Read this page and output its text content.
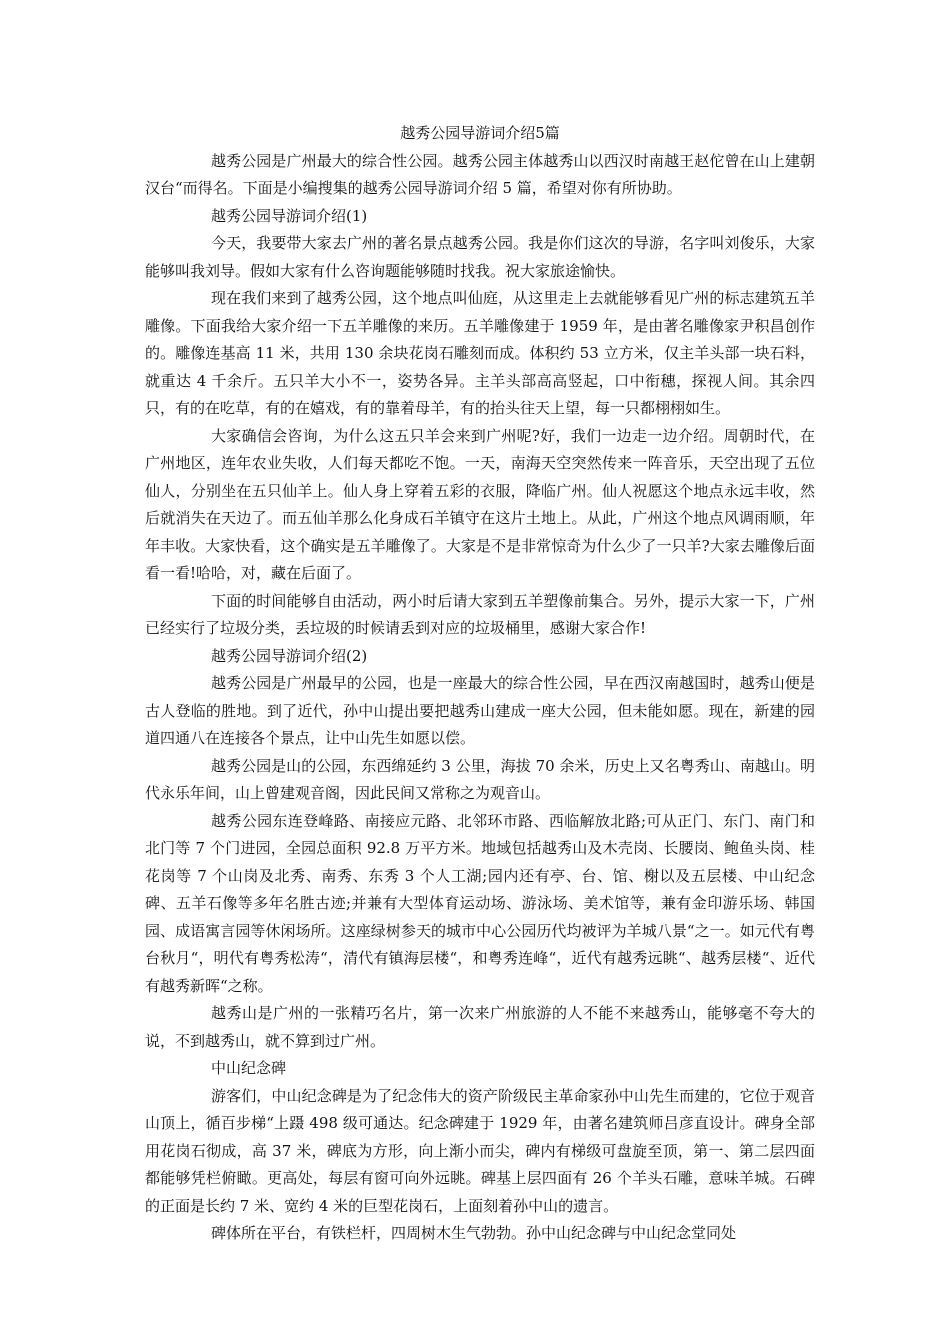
越秀公园导游词介绍5篇

越秀公园是广州最大的综合性公园。越秀公园主体越秀山以西汉时南越王赵佗曾在山上建朝汉台“而得名。下面是小编搜集的越秀公园导游词介绍 5 篇，希望对你有所协助。

越秀公园导游词介绍(1)

今天，我要带大家去广州的著名景点越秀公园。我是你们这次的导游，名字叫刘俊乐，大家能够叫我刘导。假如大家有什么咨询题能够随时找我。祝大家旅途愉快。

现在我们来到了越秀公园，这个地点叫仙庭，从这里走上去就能够看见广州的标志建筑五羊雕像。下面我给大家介绍一下五羊雕像的来历。五羊雕像建于 1959 年，是由著名雕像家尹积昌创作的。雕像连基高 11 米，共用 130 余块花岗石雕刻而成。体积约 53 立方米，仅主羊头部一块石料，就重达 4 千余斤。五只羊大小不一，姿势各异。主羊头部高高竖起，口中衔穗，探视人间。其余四只，有的在吃草，有的在嬉戏，有的靠着母羊，有的抬头往天上望，每一只都栩栩如生。

大家确信会咨询，为什么这五只羊会来到广州呢?好，我们一边走一边介绍。周朝时代，在广州地区，连年农业失收，人们每天都吃不饱。一天，南海天空突然传来一阵音乐，天空出现了五位仙人，分别坐在五只仙羊上。仙人身上穿着五彩的衣服，降临广州。仙人祝愿这个地点永远丰收，然后就消失在天边了。而五仙羊那么化身成石羊镇守在这片土地上。从此，广州这个地点风调雨顺，年年丰收。大家快看，这个确实是五羊雕像了。大家是不是非常惊奇为什么少了一只羊?大家去雕像后面看一看!哈哈，对，藏在后面了。

下面的时间能够自由活动，两小时后请大家到五羊塑像前集合。另外，提示大家一下，广州已经实行了垃圾分类，丢垃圾的时候请丢到对应的垃圾桶里，感谢大家合作!

越秀公园导游词介绍(2)

越秀公园是广州最早的公园，也是一座最大的综合性公园，早在西汉南越国时，越秀山便是古人登临的胜地。到了近代，孙中山提出要把越秀山建成一座大公园，但未能如愿。现在，新建的园道四通八在连接各个景点，让中山先生如愿以偿。

越秀公园是山的公园，东西绵延约 3 公里，海拔 70 余米，历史上又名粤秀山、南越山。明代永乐年间，山上曾建观音阁，因此民间又常称之为观音山。

越秀公园东连登峰路、南接应元路、北邻环市路、西临解放北路;可从正门、东门、南门和北门等 7 个门进园，全园总面积 92.8 万平方米。地域包括越秀山及木壳岗、长腰岗、鲍鱼头岗、桂花岗等 7 个山岗及北秀、南秀、东秀 3 个人工湖;园内还有亭、台、馆、榭以及五层楼、中山纪念碑、五羊石像等多年名胜古迹;并兼有大型体育运动场、游泳场、美术馆等，兼有金印游乐场、韩国园、成语寓言园等休闲场所。这座绿树参天的城市中心公园历代均被评为羊城八景“之一。如元代有粤台秋月“，明代有粤秀松涛“，清代有镇海层楼“，和粤秀连峰“，近代有越秀远眺“、越秀层楼“、近代有越秀新晖“之称。

越秀山是广州的一张精巧名片，第一次来广州旅游的人不能不来越秀山，能够毫不夸大的说，不到越秀山，就不算到过广州。

中山纪念碑

游客们，中山纪念碑是为了纪念伟大的资产阶级民主革命家孙中山先生而建的，它位于观音山顶上，循百步梯“上蹑 498 级可通达。纪念碑建于 1929 年，由著名建筑师吕彦直设计。碑身全部用花岗石彻成，高 37 米，碑底为方形，向上渐小而尖，碑内有梯级可盘旋至顶，第一、第二层四面都能够凭栏俯瞰。更高处，每层有窗可向外远眺。碑基上层四面有 26 个羊头石雕，意味羊城。石碑的正面是长约 7 米、宽约 4 米的巨型花岗石，上面刻着孙中山的遗言。

碑体所在平台，有铁栏杆，四周树木生气勃勃。孙中山纪念碑与中山纪念堂同处
